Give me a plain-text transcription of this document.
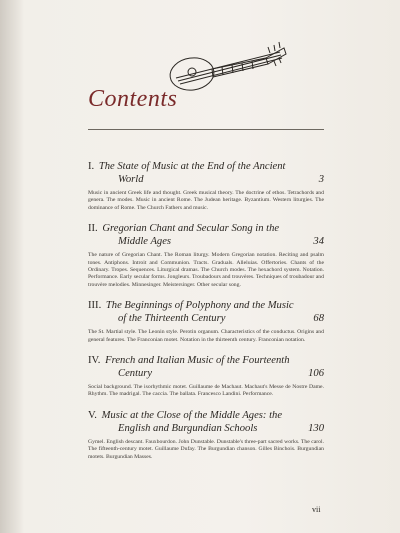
Contents
I. The State of Music at the End of the Ancient
World	3
Music in ancient Greek life and thought. Greek musical theory. The doctrine of ethos. Tetrachords and genera. The modes. Music in ancient Rome. The Judean heritage. Byzantium. Western liturgies. The dominance of Rome. The Church Fathers and music.
II. Gregorian Chant and Secular Song in the
Middle Ages	34
The nature of Gregorian Chant. The Roman liturgy. Modern Gregorian notation. Reciting and psalm tones. Antiphons. Introit and Communion. Tracts. Graduals. Alleluias. Offertories. Chants of the Ordinary. Tropes. Sequences. Liturgical dramas. The Church modes. The hexachord system. Notation. Performance. Early secular forms. Jongleurs. Troubadours and trouvères. Techniques of troubadour and trouvère melodies. Minnesinger. Meistersinger. Other secular song.
III. The Beginnings of Polyphony and the Music
of the Thirteenth Century	68
The St. Martial style. The Leonin style. Perotin organum. Characteristics of the conductus. Origins and general features. The Franconian motet. Notation in the thirteenth century. Franconian notation.
IV. French and Italian Music of the Fourteenth
Century	106
Social background. The isorhythmic motet. Guillaume de Machaut. Machaut's Messe de Nostre Dame. Rhythm. The madrigal. The caccia. The ballata. Francesco Landini. Performance.
V. Music at the Close of the Middle Ages: the
English and Burgundian Schools	130
Gymel. English descant. Fauxbourdon. John Dunstable. Dunstable's three-part sacred works. The carol. The fifteenth-century motet. Guillaume Dufay. The Burgundian chanson. Gilles Binchois. Burgundian motets. Burgundian Masses.
vii
